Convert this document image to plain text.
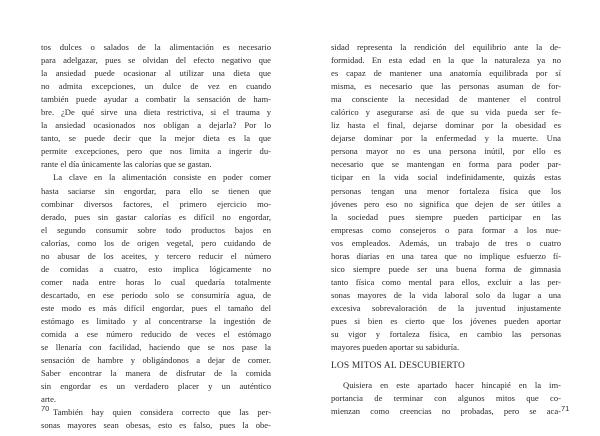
tos dulces o salados de la alimentación es necesario
para adelgazar, pues se olvidan del efecto negativo que
la ansiedad puede ocasionar al utilizar una dieta que
no admita excepciones, un dulce de vez en cuando
también puede ayudar a combatir la sensación de ham-
bre. ¿De qué sirve una dieta restrictiva, si el trauma y
la ansiedad ocasionados nos obligan a dejarla? Por lo
tanto, se puede decir que la mejor dieta es la que
permite excepciones, pero que nos limita a ingerir du-
rante el día únicamente las calorías que se gastan.
La clave en la alimentación consiste en poder comer
hasta saciarse sin engordar, para ello se tienen que
combinar diversos factores, el primero ejercicio mo-
derado, pues sin gastar calorías es difícil no engordar,
el segundo consumir sobre todo productos bajos en
calorías, como los de origen vegetal, pero cuidando de
no abusar de los aceites, y tercero reducir el número
de comidas a cuatro, esto implica lógicamente no
comer nada entre horas lo cual quedaría totalmente
descartado, en ese periodo solo se consumiría agua, de
este modo es más difícil engordar, pues el tamaño del
estómago es limitado y al concentrarse la ingestión de
comida a ese número reducido de veces el estómago
se llenaría con facilidad, haciendo que se nos pase la
sensación de hambre y obligándonos a dejar de comer.
Saber encontrar la manera de disfrutar de la comida
sin engordar es un verdadero placer y un auténtico
arte.
También hay quien considera correcto que las per-
sonas mayores sean obesas, esto es falso, pues la obe-
70
sidad representa la rendición del equilibrio ante la de-
formidad. En esta edad en la que la naturaleza ya no
es capaz de mantener una anatomía equilibrada por sí
misma, es necesario que las personas asuman de for-
ma consciente la necesidad de mantener el control
calórico y asegurarse así de que su vida pueda ser fe-
liz hasta el final, dejarse dominar por la obesidad es
dejarse dominar por la enfermedad y la muerte. Una
persona mayor no es una persona inútil, por ello es
necesario que se mantengan en forma para poder par-
ticipar en la vida social indefinidamente, quizás estas
personas tengan una menor fortaleza física que los
jóvenes pero eso no significa que dejen de ser útiles a
la sociedad pues siempre pueden participar en las
empresas como consejeros o para formar a los nue-
vos empleados. Además, un trabajo de tres o cuatro
horas diarias en una tarea que no implique esfuerzo fí-
sico siempre puede ser una buena forma de gimnasia
tanto física como mental para ellos, excluir a las per-
sonas mayores de la vida laboral solo da lugar a una
excesiva sobrevaloración de la juventud injustamente
pues si bien es cierto que los jóvenes pueden aportar
su vigor y fortaleza física, en cambio las personas
mayores pueden aportar su sabiduría.
LOS MITOS AL DESCUBIERTO
Quisiera en este apartado hacer hincapié en la im-
portancia de terminar con algunos mitos que co-
mienzan como creencias no probadas, pero se aca- 71
